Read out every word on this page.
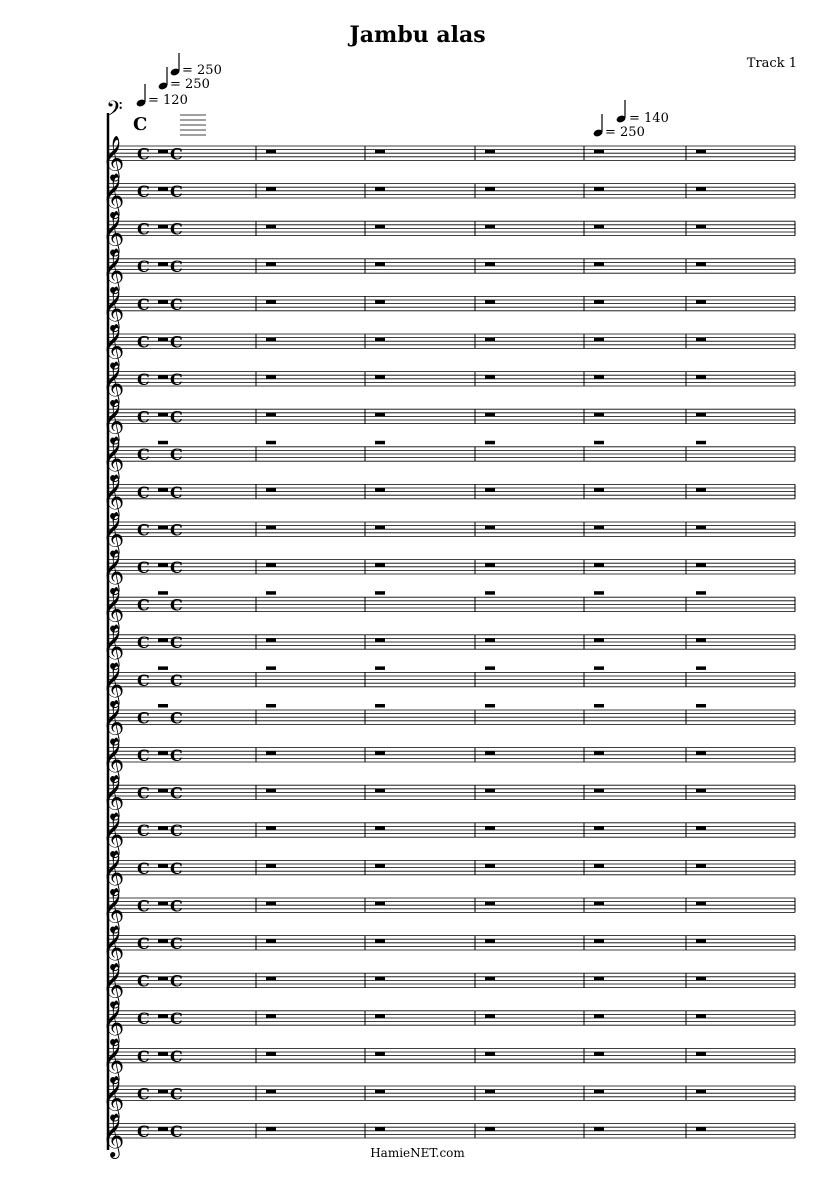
Jambu alas
Track 1
= 120
= 250
= 250
= 140
= 250
𝄢 C
𝄞 C C
𝄞 C C
𝄞 C C
𝄞 C C
𝄞 C C
𝄞 C C
𝄞 C C
𝄞 C C
𝄞 C C
𝄞 C C
𝄞 C C
𝄞 C C
𝄞 C C
𝄞 C C
𝄞 C C
𝄞 C C
𝄞 C C
𝄞 C C
𝄞 C C
𝄞 C C
𝄞 C C
𝄞 C C
𝄞 C C
𝄞 C C
𝄞 C C
𝄞 C C
𝄞 C C
HamieNET.com
